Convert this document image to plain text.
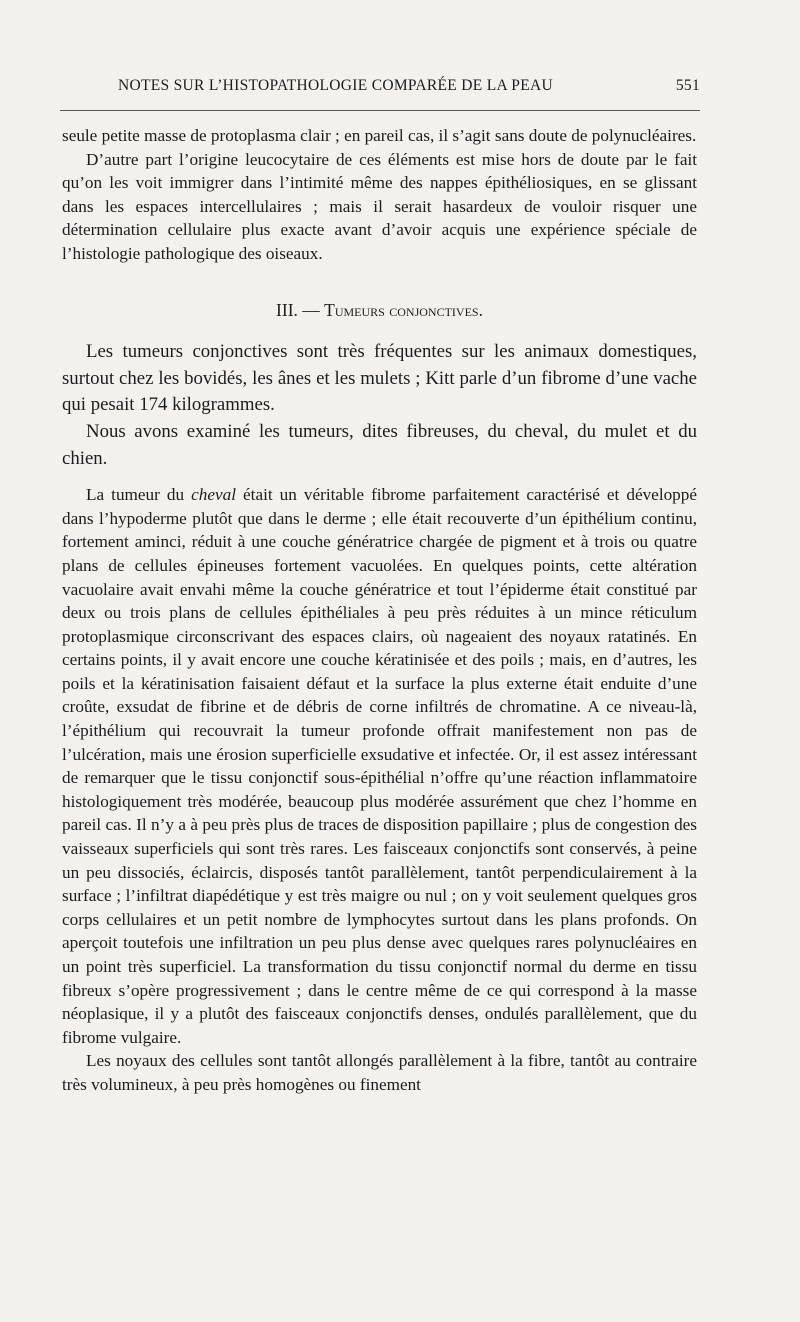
NOTES SUR L’HISTOPATHOLOGIE COMPARÉE DE LA PEAU	551

seule petite masse de protoplasma clair ; en pareil cas, il s’agit sans doute de polynucléaires.

D’autre part l’origine leucocytaire de ces éléments est mise hors de doute par le fait qu’on les voit immigrer dans l’intimité même des nappes épithéliosiques, en se glissant dans les espaces intercellulaires ; mais il serait hasardeux de vouloir risquer une détermination cellulaire plus exacte avant d’avoir acquis une expérience spéciale de l’histologie pathologique des oiseaux.

III. — Tumeurs conjonctives.

Les tumeurs conjonctives sont très fréquentes sur les animaux domestiques, surtout chez les bovidés, les ânes et les mulets ; Kitt parle d’un fibrome d’une vache qui pesait 174 kilogrammes.

Nous avons examiné les tumeurs, dites fibreuses, du cheval, du mulet et du chien.

La tumeur du cheval était un véritable fibrome parfaitement caractérisé et développé dans l’hypoderme plutôt que dans le derme ; elle était recouverte d’un épithélium continu, fortement aminci, réduit à une couche génératrice chargée de pigment et à trois ou quatre plans de cellules épineuses fortement vacuolées. En quelques points, cette altération vacuolaire avait envahi même la couche génératrice et tout l’épiderme était constitué par deux ou trois plans de cellules épithéliales à peu près réduites à un mince réticulum protoplasmique circonscrivant des espaces clairs, où nageaient des noyaux ratatinés. En certains points, il y avait encore une couche kératinisée et des poils ; mais, en d’autres, les poils et la kératinisation faisaient défaut et la surface la plus externe était enduite d’une croûte, exsudat de fibrine et de débris de corne infiltrés de chromatine. A ce niveau-là, l’épithélium qui recouvrait la tumeur profonde offrait manifestement non pas de l’ulcération, mais une érosion superficielle exsudative et infectée. Or, il est assez intéressant de remarquer que le tissu conjonctif sous-épithélial n’offre qu’une réaction inflammatoire histologiquement très modérée, beaucoup plus modérée assurément que chez l’homme en pareil cas. Il n’y a à peu près plus de traces de disposition papillaire ; plus de congestion des vaisseaux superficiels qui sont très rares. Les faisceaux conjonctifs sont conservés, à peine un peu dissociés, éclaircis, disposés tantôt parallèlement, tantôt perpendiculairement à la surface ; l’infiltrat diapédétique y est très maigre ou nul ; on y voit seulement quelques gros corps cellulaires et un petit nombre de lymphocytes surtout dans les plans profonds. On aperçoit toutefois une infiltration un peu plus dense avec quelques rares polynucléaires en un point très superficiel. La transformation du tissu conjonctif normal du derme en tissu fibreux s’opère progressivement ; dans le centre même de ce qui correspond à la masse néoplasique, il y a plutôt des faisceaux conjonctifs denses, ondulés parallèlement, que du fibrome vulgaire.

Les noyaux des cellules sont tantôt allongés parallèlement à la fibre, tantôt au contraire très volumineux, à peu près homogènes ou finement
